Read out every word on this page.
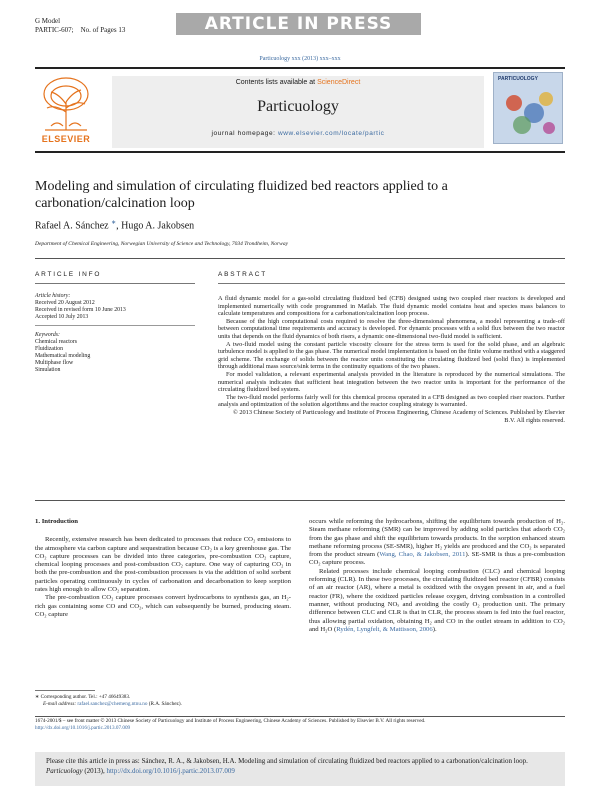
G Model
PARTIC-607; No. of Pages 13	ARTICLE IN PRESS
Particuology xxx (2013) xxx–xxx
ELSEVIER
Contents lists available at ScienceDirect
Particuology
journal homepage: www.elsevier.com/locate/partic
PARTICUOLOGY
Modeling and simulation of circulating fluidized bed reactors applied to a carbonation/calcination loop
Rafael A. Sánchez ∗, Hugo A. Jakobsen
Department of Chemical Engineering, Norwegian University of Science and Technology, 7034 Trondheim, Norway
ARTICLE INFO
Article history:
Received 20 August 2012
Received in revised form 10 June 2013
Accepted 10 July 2013
Keywords:
Chemical reactors
Fluidization
Mathematical modeling
Multiphase flow
Simulation
ABSTRACT

A fluid dynamic model for a gas-solid circulating fluidized bed (CFB) designed using two coupled riser reactors is developed and implemented numerically with code programmed in Matlab. The fluid dynamic model contains heat and species mass balances to calculate temperatures and compositions for a carbonation/calcination loop process.

Because of the high computational costs required to resolve the three-dimensional phenomena, a model representing a trade-off between computational time requirements and accuracy is developed. For dynamic processes with a solid flux between the two reactor units that depends on the fluid dynamics of both risers, a dynamic one-dimensional two-fluid model is sufficient.

A two-fluid model using the constant particle viscosity closure for the stress term is used for the solid phase, and an algebraic turbulence model is applied to the gas phase. The numerical model implementation is based on the finite volume method with a staggered grid scheme. The exchange of solids between the reactor units constituting the circulating fluidized bed (solid flux) is implemented through additional mass source/sink terms in the continuity equations of the two phases.

For model validation, a relevant experimental analysis provided in the literature is reproduced by the numerical simulations. The numerical analysis indicates that sufficient heat integration between the two reactor units is important for the performance of the circulating fluidized bed system.

The two-fluid model performs fairly well for this chemical process operated in a CFB designed as two coupled riser reactors. Further analysis and optimization of the solution algorithms and the reactor coupling strategy is warranted.

© 2013 Chinese Society of Particuology and Institute of Process Engineering, Chinese Academy of Sciences. Published by Elsevier B.V. All rights reserved.

1. Introduction

Recently, extensive research has been dedicated to processes that reduce CO₂ emissions to the atmosphere via carbon capture and sequestration because CO₂ is a key greenhouse gas. The CO₂ capture processes can be divided into three categories, pre-combustion CO₂ capture, chemical looping processes and post-combustion CO₂ capture. One way of capturing CO₂ in both the pre-combustion and the post-combustion processes is via the addition of solid sorbent particles operating continuously in cycles of carbonation and decarbonation to keep sorption rates high enough to allow CO₂ separation.

The pre-combustion CO₂ capture processes convert hydrocarbons to synthesis gas, an H₂-rich gas containing some CO and CO₂, which can subsequently be burned, producing steam. CO₂ capture

occurs while reforming the hydrocarbons, shifting the equilibrium towards production of H₂. Steam methane reforming (SMR) can be improved by adding solid particles that adsorb CO₂ from the gas phase and shift the equilibrium towards products. In the sorption enhanced steam methane reforming process (SE-SMR), higher H₂ yields are produced and the CO₂ is separated from the product stream (Wang, Chao, & Jakobsen, 2011). SE-SMR is thus a pre-combustion CO₂ capture process.

Related processes include chemical looping combustion (CLC) and chemical looping reforming (CLR). In these two processes, the circulating fluidized bed reactor (CFBR) consists of an air reactor (AR), where a metal is oxidized with the oxygen present in air, and a fuel reactor (FR), where the oxidized particles release oxygen, driving combustion in a controlled manner, without producing NOₓ and avoiding the costly O₂ production unit. The primary difference between CLC and CLR is that in CLR, the process steam is fed into the fuel reactor, thus allowing partial oxidation, obtaining H₂ and CO in the outlet stream in addition to CO₂ and H₂O (Rydén, Lyngfelt, & Mattisson, 2006).

∗ Corresponding author. Tel.: +47 46649383.
E-mail address: rafael.sanchez@chemeng.ntnu.no (R.A. Sánchez).
1674-2001/$ – see front matter © 2013 Chinese Society of Particuology and Institute of Process Engineering, Chinese Academy of Sciences. Published by Elsevier B.V. All rights reserved.
http://dx.doi.org/10.1016/j.partic.2013.07.009
Please cite this article in press as: Sánchez, R. A., & Jakobsen, H.A. Modeling and simulation of circulating fluidized bed reactors applied to a carbonation/calcination loop. Particuology (2013), http://dx.doi.org/10.1016/j.partic.2013.07.009
